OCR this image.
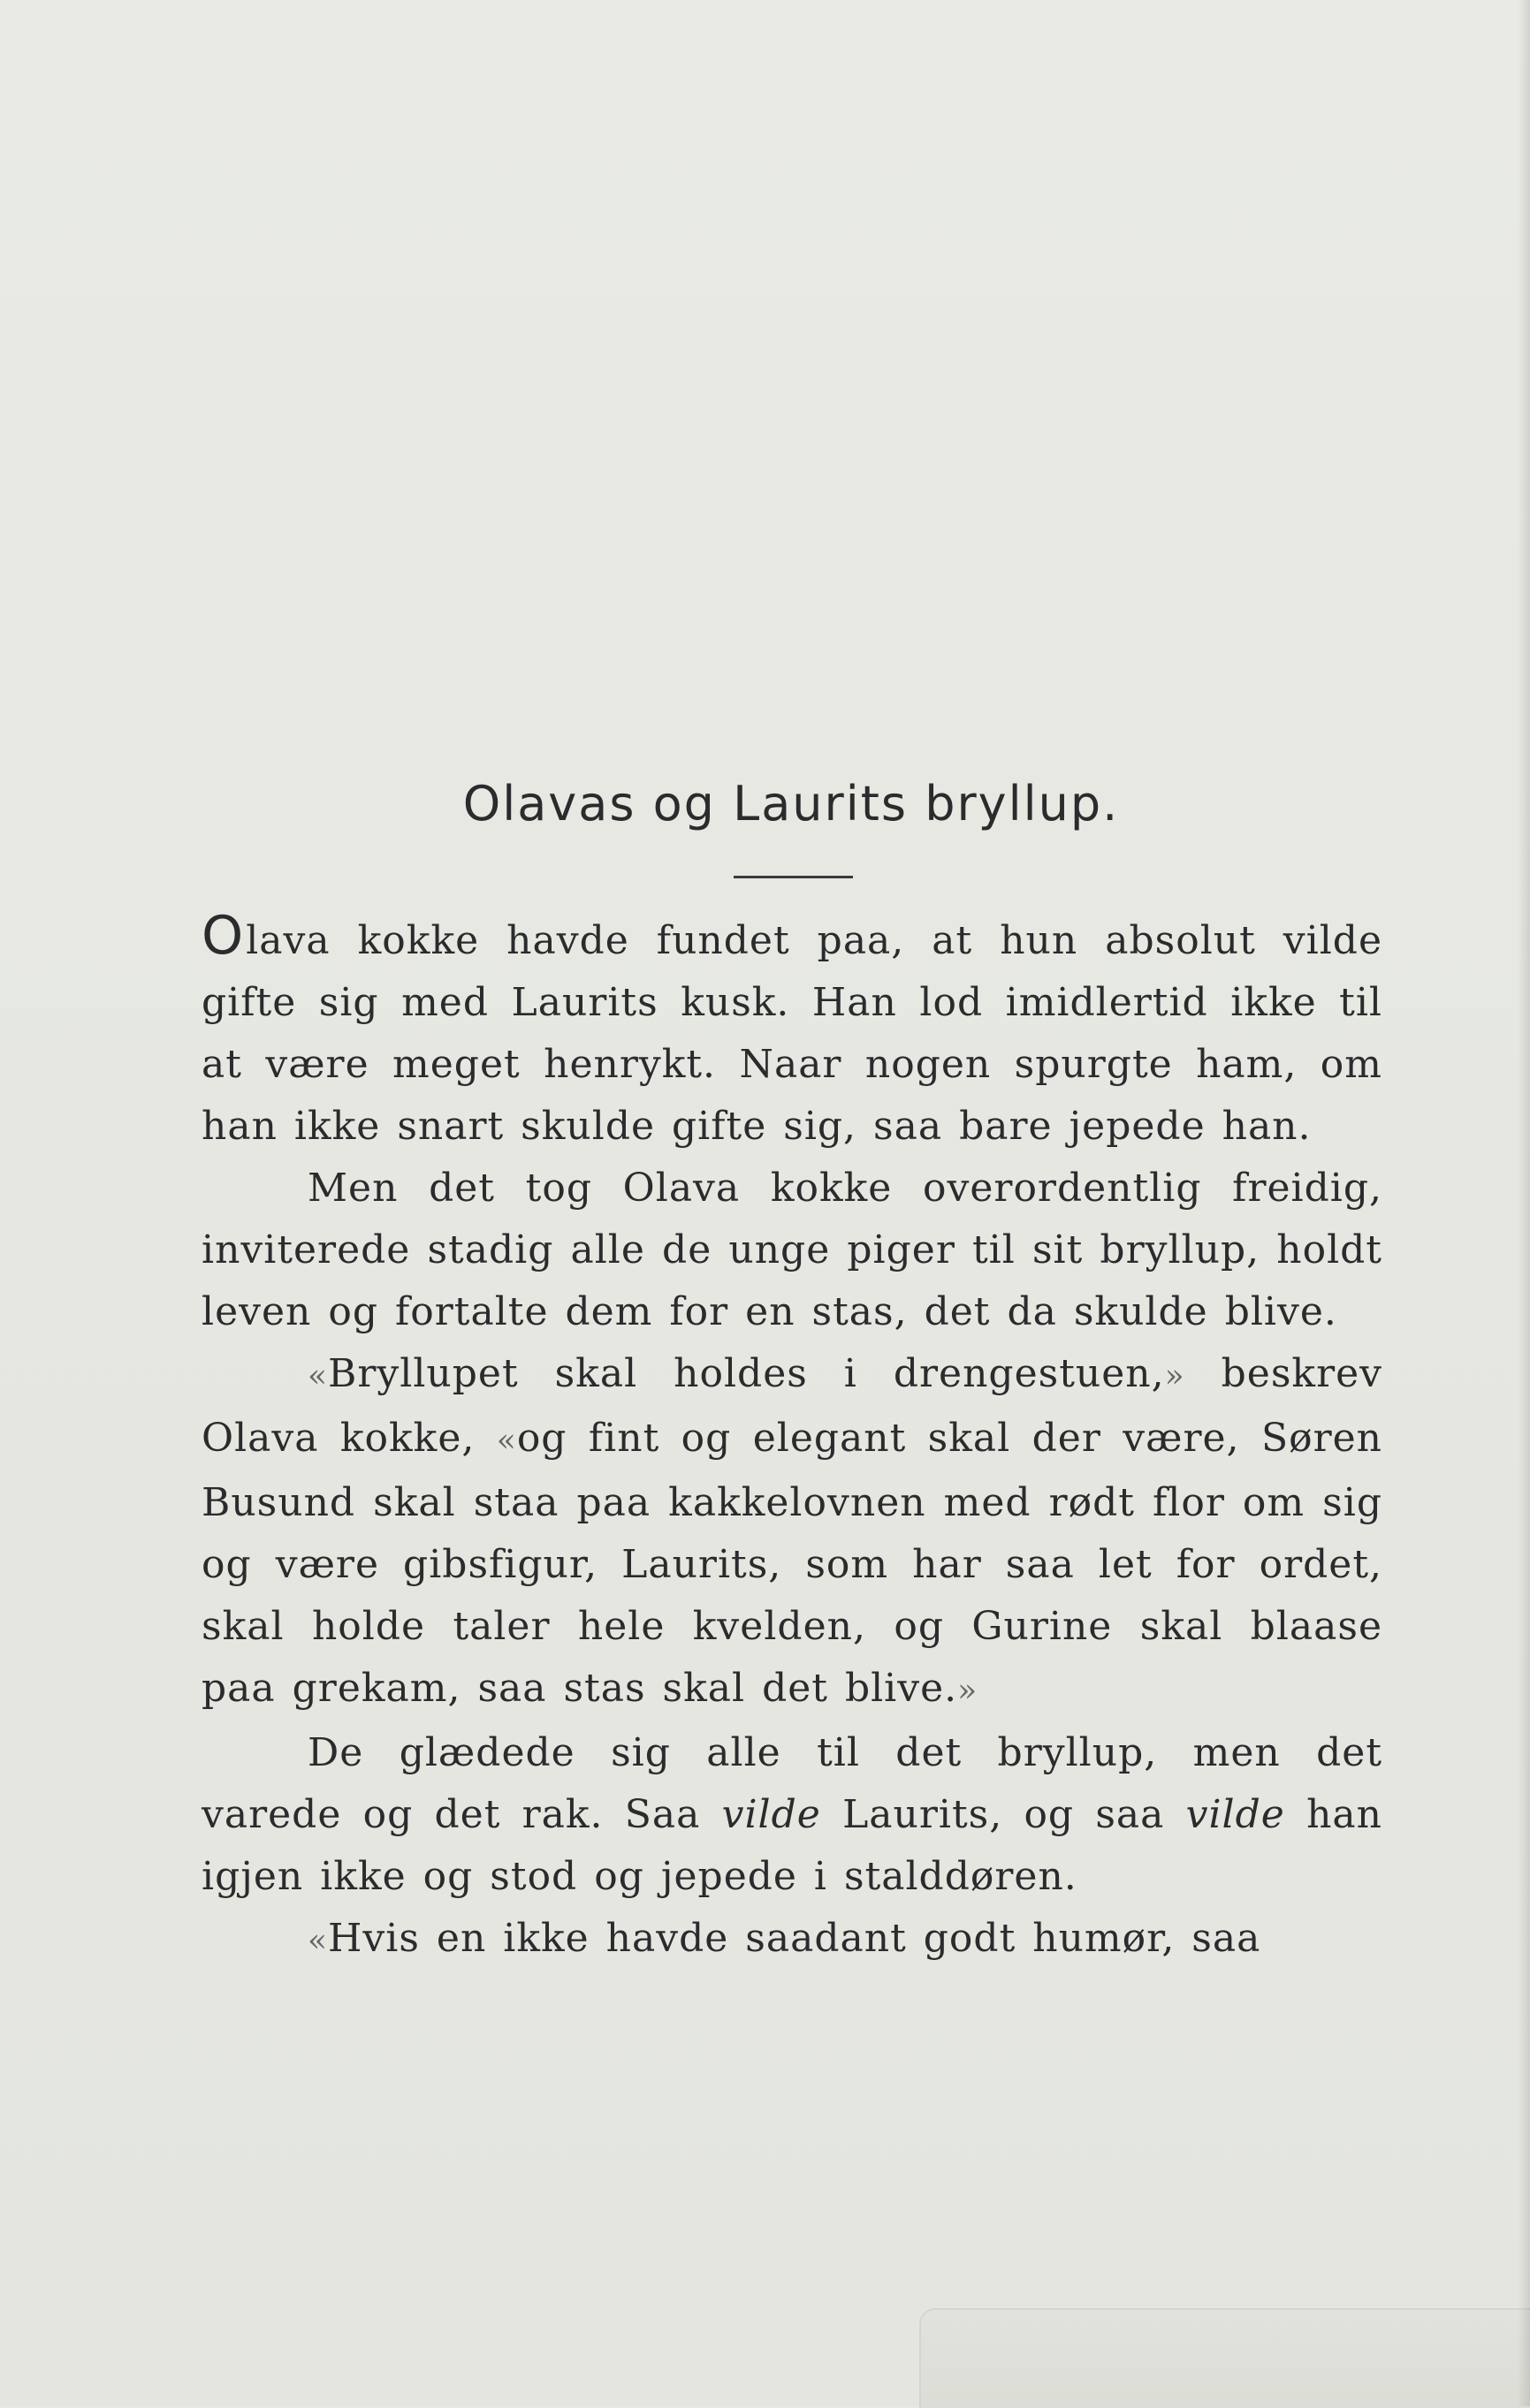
Olavas og Laurits bryllup.

Olava kokke havde fundet paa, at hun absolut vilde gifte sig med Laurits kusk. Han lod imidlertid ikke til at være meget henrykt. Naar nogen spurgte ham, om han ikke snart skulde gifte sig, saa bare jepede han.

Men det tog Olava kokke overordentlig freidig, inviterede stadig alle de unge piger til sit bryllup, holdt leven og fortalte dem for en stas, det da skulde blive.

«Bryllupet skal holdes i drengestuen,» beskrev Olava kokke, «og fint og elegant skal der være, Søren Busund skal staa paa kakkelovnen med rødt flor om sig og være gibsfigur, Laurits, som har saa let for ordet, skal holde taler hele kvelden, og Gurine skal blaase paa grekam, saa stas skal det blive.»

De glædede sig alle til det bryllup, men det varede og det rak. Saa vilde Laurits, og saa vilde han igjen ikke og stod og jepede i stalddøren.

«Hvis en ikke havde saadant godt humør, saa
